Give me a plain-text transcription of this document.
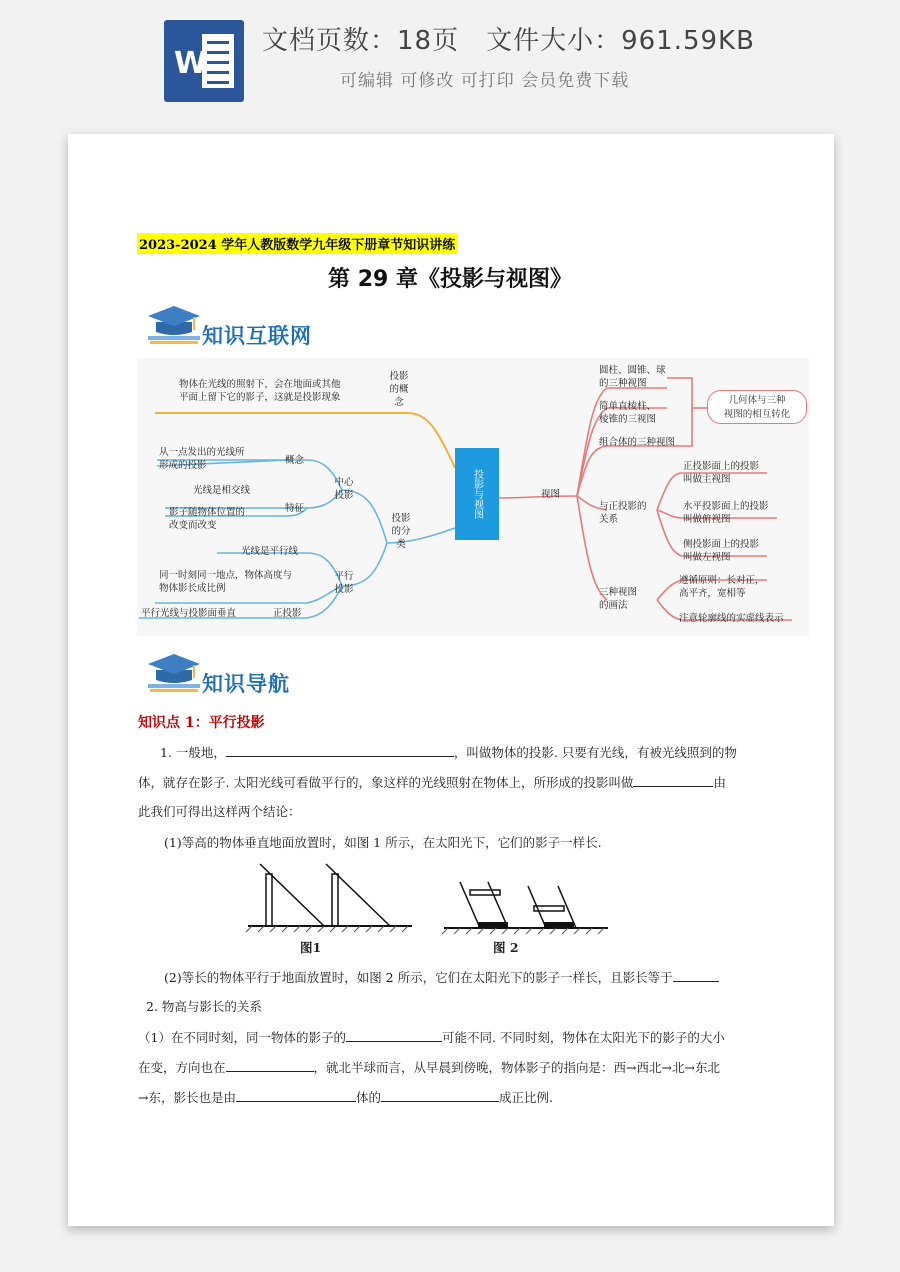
W
文档页数：18页　文件大小：961.59KB
可编辑 可修改 可打印 会员免费下载
2023-2024 学年人教版数学九年级下册章节知识讲练
第 29 章《投影与视图》
知识互联网
投影与视图
投影的概念
物体在光线的照射下，会在地面或其他
平面上留下它的影子，这就是投影现象
投影的分类
中心投影
概念
从一点发出的光线所
形成的投影
特征
光线是相交线
影子随物体位置的
改变而改变
平行投影
光线是平行线
同一时刻同一地点，物体高度与
物体影长成比例
平行光线与投影面垂直	正投影
视图
圆柱、圆锥、球
的三种视图
简单直棱柱、
棱锥的三视图
组合体的三种视图
几何体与三种
视图的相互转化
与正投影的关系
正投影面上的投影
叫做主视图
水平投影面上的投影
叫做俯视图
侧投影面上的投影
叫做左视图
三种视图的画法
遵循原则：长对正，
高平齐，宽相等
注意轮廓线的实虚线表示
知识导航
知识点 1：平行投影
1. 一般地，	，叫做物体的投影. 只要有光线，有被光线照到的物
体，就存在影子. 太阳光线可看做平行的，象这样的光线照射在物体上，所形成的投影叫做	由
此我们可得出这样两个结论：
(1)等高的物体垂直地面放置时，如图 1 所示，在太阳光下，它们的影子一样长.
图1	图 2
(2)等长的物体平行于地面放置时，如图 2 所示，它们在太阳光下的影子一样长，且影长等于
2. 物高与影长的关系
（1）在不同时刻，同一物体的影子的	可能不同. 不同时刻，物体在太阳光下的影子的大小
在变，方向也在	，就北半球而言，从早晨到傍晚，物体影子的指向是：西→西北→北→东北
→东，影长也是由	体的	成正比例.
